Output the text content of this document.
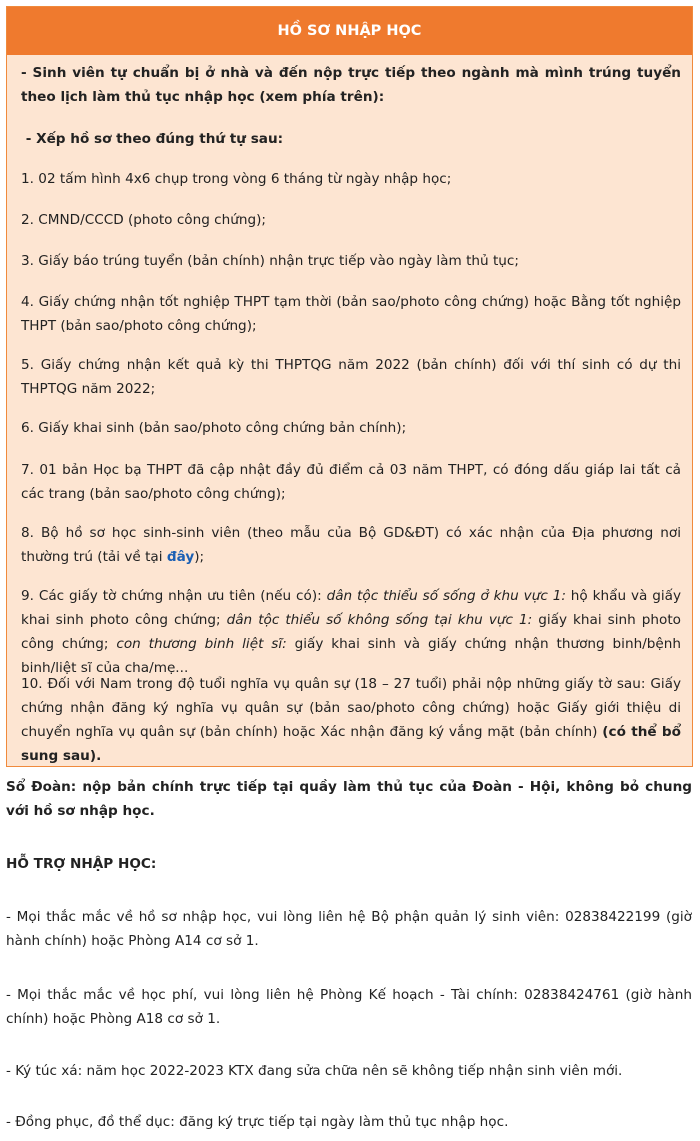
HỒ SƠ NHẬP HỌC

- Sinh viên tự chuẩn bị ở nhà và đến nộp trực tiếp theo ngành mà mình trúng tuyển theo lịch làm thủ tục nhập học (xem phía trên):

- Xếp hồ sơ theo đúng thứ tự sau:

1. 02 tấm hình 4x6 chụp trong vòng 6 tháng từ ngày nhập học;

2. CMND/CCCD (photo công chứng);

3. Giấy báo trúng tuyển (bản chính) nhận trực tiếp vào ngày làm thủ tục;

4. Giấy chứng nhận tốt nghiệp THPT tạm thời (bản sao/photo công chứng) hoặc Bằng tốt nghiệp THPT (bản sao/photo công chứng);

5. Giấy chứng nhận kết quả kỳ thi THPTQG năm 2022 (bản chính) đối với thí sinh có dự thi THPTQG năm 2022;

6. Giấy khai sinh (bản sao/photo công chứng bản chính);

7. 01 bản Học bạ THPT đã cập nhật đầy đủ điểm cả 03 năm THPT, có đóng dấu giáp lai tất cả các trang (bản sao/photo công chứng);

8. Bộ hồ sơ học sinh-sinh viên (theo mẫu của Bộ GD&ĐT) có xác nhận của Địa phương nơi thường trú (tải về tại đây);

9. Các giấy tờ chứng nhận ưu tiên (nếu có): dân tộc thiểu số sống ở khu vực 1: hộ khẩu và giấy khai sinh photo công chứng; dân tộc thiểu số không sống tại khu vực 1: giấy khai sinh photo công chứng; con thương binh liệt sĩ: giấy khai sinh và giấy chứng nhận thương binh/bệnh binh/liệt sĩ của cha/mẹ...

10. Đối với Nam trong độ tuổi nghĩa vụ quân sự (18 – 27 tuổi) phải nộp những giấy tờ sau: Giấy chứng nhận đăng ký nghĩa vụ quân sự (bản sao/photo công chứng) hoặc Giấy giới thiệu di chuyển nghĩa vụ quân sự (bản chính) hoặc Xác nhận đăng ký vắng mặt (bản chính) (có thể bổ sung sau).

Sổ Đoàn: nộp bản chính trực tiếp tại quầy làm thủ tục của Đoàn - Hội, không bỏ chung với hồ sơ nhập học.

HỖ TRỢ NHẬP HỌC:

- Mọi thắc mắc về hồ sơ nhập học, vui lòng liên hệ Bộ phận quản lý sinh viên: 02838422199 (giờ hành chính) hoặc Phòng A14 cơ sở 1.

- Mọi thắc mắc về học phí, vui lòng liên hệ Phòng Kế hoạch - Tài chính: 02838424761 (giờ hành chính) hoặc Phòng A18 cơ sở 1.

- Ký túc xá: năm học 2022-2023 KTX đang sửa chữa nên sẽ không tiếp nhận sinh viên mới.

- Đồng phục, đồ thể dục: đăng ký trực tiếp tại ngày làm thủ tục nhập học.
